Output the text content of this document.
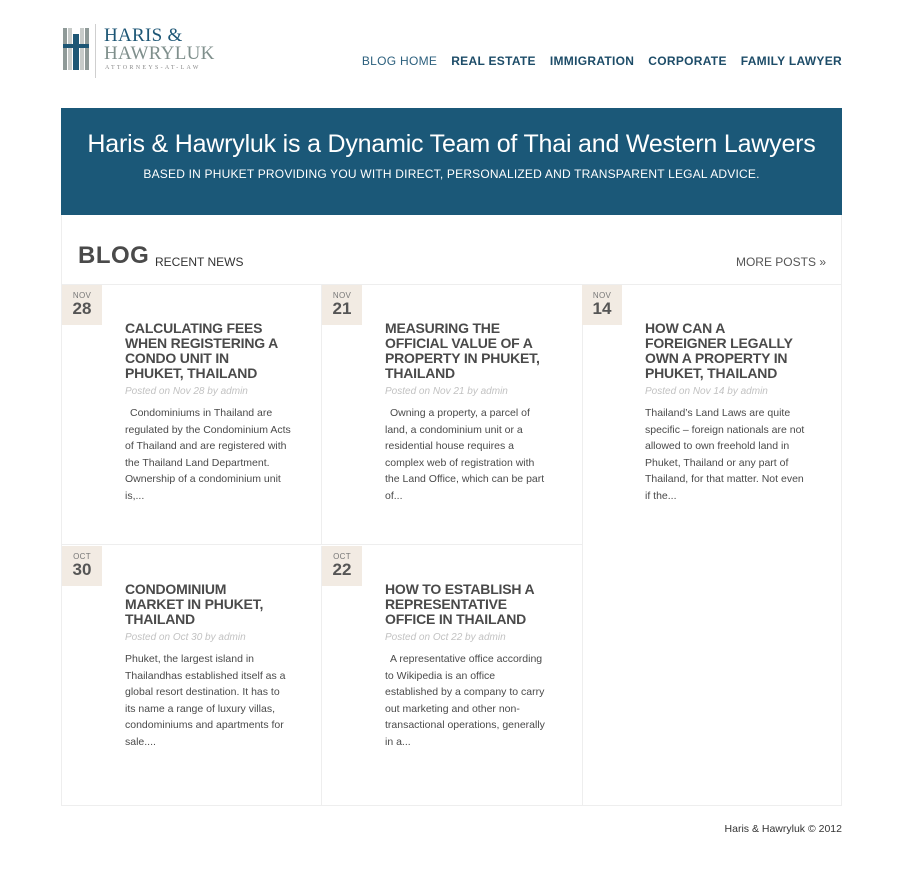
HARIS &
HAWRYLUK
ATTORNEYS-AT-LAW	BLOG HOME REAL ESTATE IMMIGRATION CORPORATE FAMILY LAWYER
Haris & Hawryluk is a Dynamic Team of Thai and Western Lawyers

BASED IN PHUKET PROVIDING YOU WITH DIRECT, PERSONALIZED AND TRANSPARENT LEGAL ADVICE.

BLOG RECENT NEWS	MORE POSTS »
NOV
28
CALCULATING FEES WHEN REGISTERING A CONDO UNIT IN PHUKET, THAILAND
Posted on Nov 28 by admin

Condominiums in Thailand are regulated by the Condominium Acts of Thailand and are registered with the Thailand Land Department. Ownership of a condominium unit is,...

NOV
21
MEASURING THE OFFICIAL VALUE OF A PROPERTY IN PHUKET, THAILAND
Posted on Nov 21 by admin

Owning a property, a parcel of land, a condominium unit or a residential house requires a complex web of registration with the Land Office, which can be part of...

NOV
14
HOW CAN A FOREIGNER LEGALLY OWN A PROPERTY IN PHUKET, THAILAND
Posted on Nov 14 by admin

Thailand’s Land Laws are quite specific – foreign nationals are not allowed to own freehold land in Phuket, Thailand or any part of Thailand, for that matter. Not even if the...

OCT
30
CONDOMINIUM MARKET IN PHUKET, THAILAND
Posted on Oct 30 by admin

Phuket, the largest island in Thailandhas established itself as a global resort destination. It has to its name a range of luxury villas, condominiums and apartments for sale....

OCT
22
HOW TO ESTABLISH A REPRESENTATIVE OFFICE IN THAILAND
Posted on Oct 22 by admin

A representative office according to Wikipedia is an office established by a company to carry out marketing and other non-transactional operations, generally in a...

Haris & Hawryluk © 2012
